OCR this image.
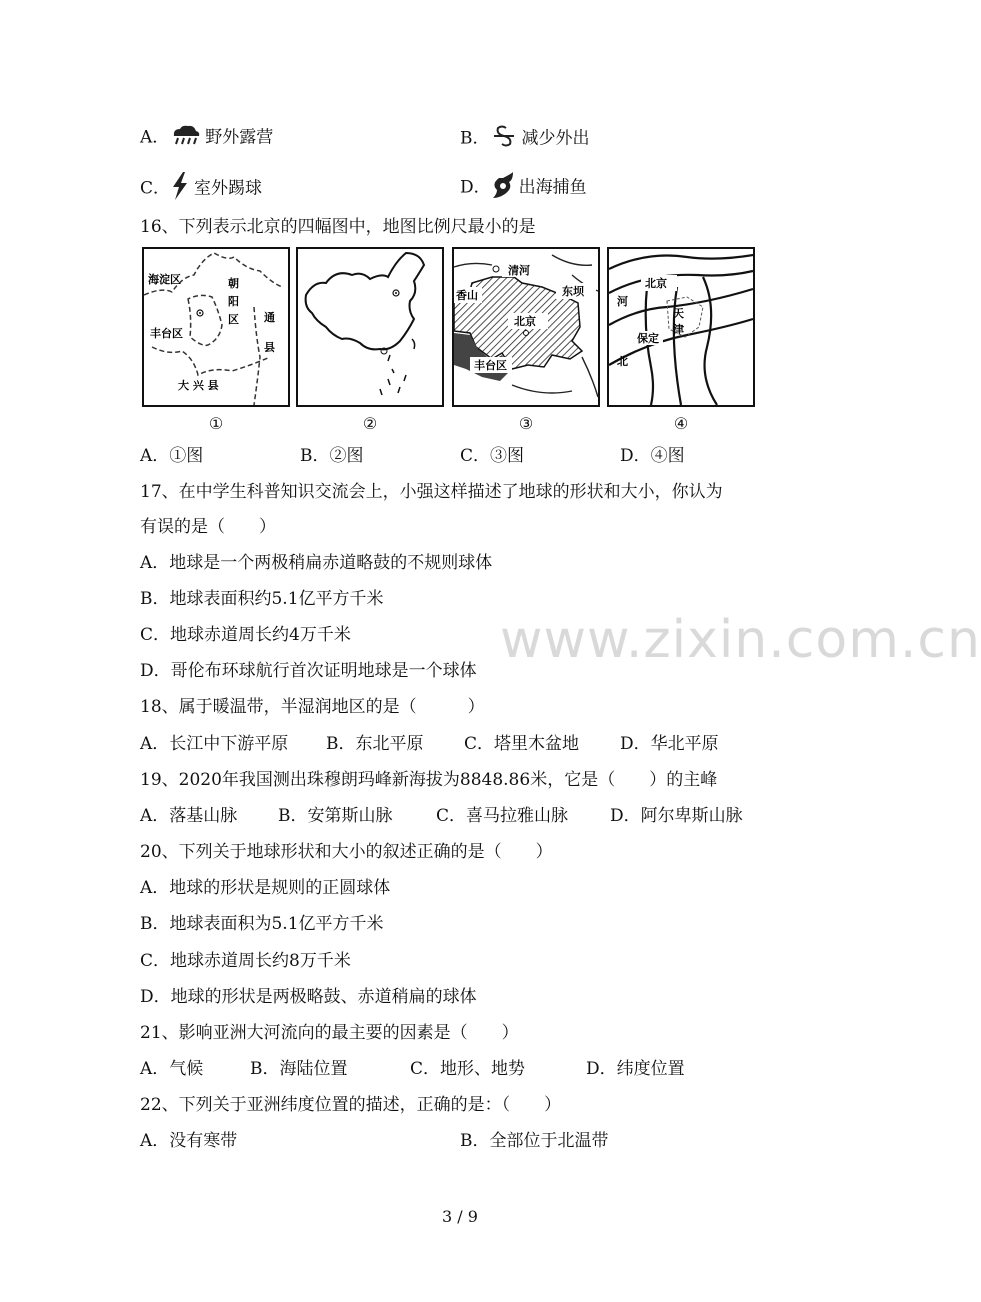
www.zixin.com.cn
A． 野外露营	B． 减少外出
C． 室外踢球	D． 出海捕鱼
16、下列表示北京的四幅图中，地图比例尺最小的是
海淀区	朝
阳
区 通
县
丰台区
大 兴 县
清河
东坝
香山
北京
丰台区
北京
河
保定
天
津
北
①	②	③	④
A．①图	B．②图	C．③图	D．④图
17、在中学生科普知识交流会上，小强这样描述了地球的形状和大小，你认为
有误的是（　　）
A．地球是一个两极稍扁赤道略鼓的不规则球体
B．地球表面积约5.1亿平方千米
C．地球赤道周长约4万千米
D．哥伦布环球航行首次证明地球是一个球体
18、属于暖温带，半湿润地区的是（　　　）
A．长江中下游平原 B．东北平原 C．塔里木盆地 D．华北平原
19、2020年我国测出珠穆朗玛峰新海拔为8848.86米，它是（　　）的主峰
A．落基山脉 B．安第斯山脉	C．喜马拉雅山脉 D．阿尔卑斯山脉
20、下列关于地球形状和大小的叙述正确的是（　　）
A．地球的形状是规则的正圆球体
B．地球表面积为5.1亿平方千米
C．地球赤道周长约8万千米
D．地球的形状是两极略鼓、赤道稍扁的球体
21、影响亚洲大河流向的最主要的因素是（　　）
A．气候	B．海陆位置	C．地形、地势	D．纬度位置
22、下列关于亚洲纬度位置的描述，正确的是：（　　）
A．没有寒带	B．全部位于北温带
3 / 9
